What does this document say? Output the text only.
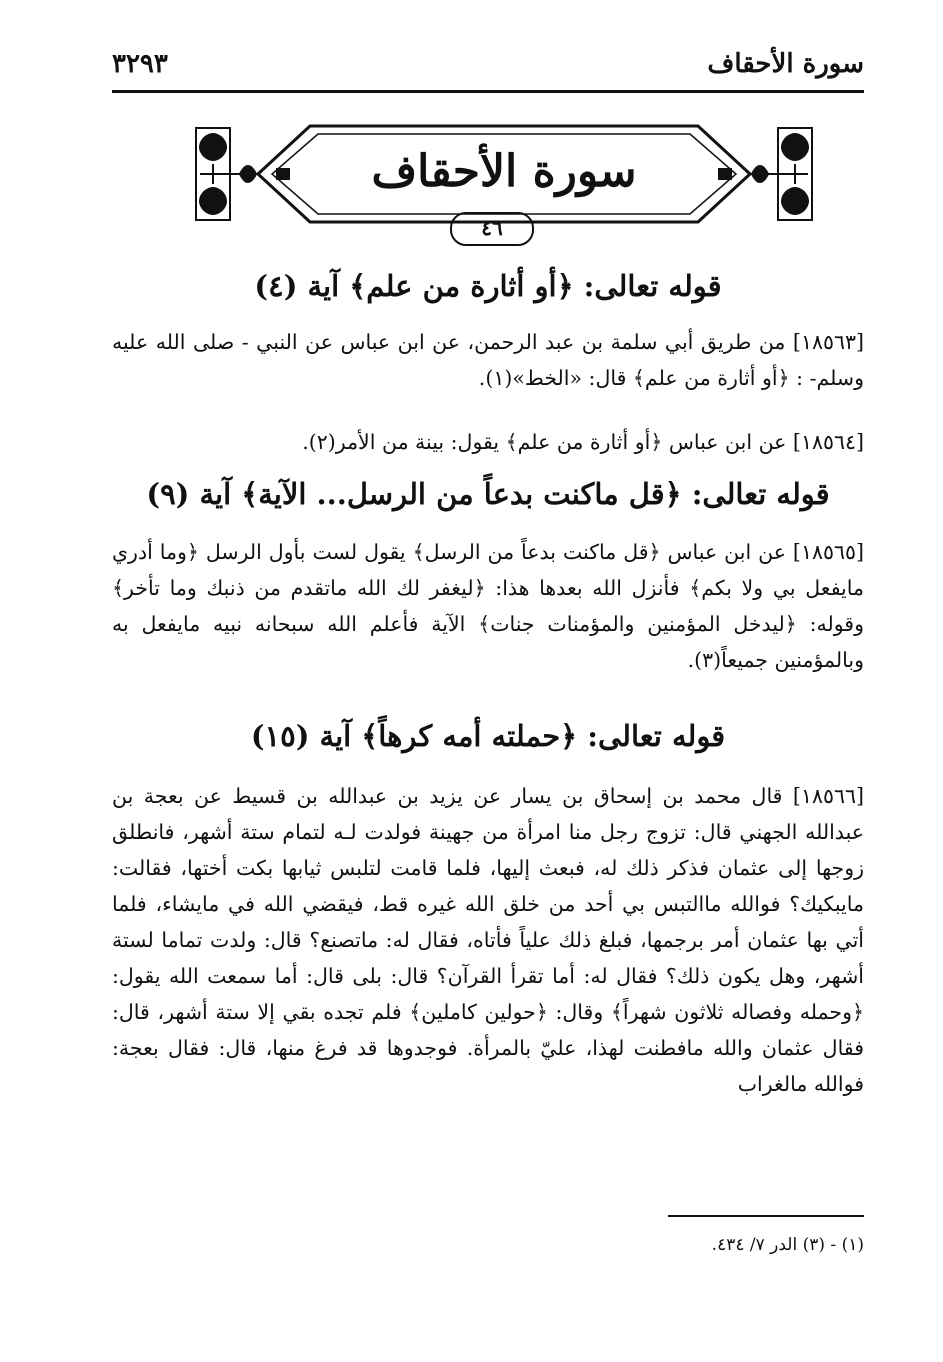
سورة الأحقاف
٣٢٩٣
سورة الأحقاف
٤٦
قوله تعالى: ﴿أو أثارة من علم﴾ آية (٤)

[١٨٥٦٣] من طريق أبي سلمة بن عبد الرحمن، عن ابن عباس عن النبي - صلى الله عليه وسلم- : ﴿أو أثارة من علم﴾ قال: «الخط»(١).

[١٨٥٦٤] عن ابن عباس ﴿أو أثارة من علم﴾ يقول: بينة من الأمر(٢).

قوله تعالى: ﴿قل ماكنت بدعاً من الرسل... الآية﴾ آية (٩)

[١٨٥٦٥] عن ابن عباس ﴿قل ماكنت بدعاً من الرسل﴾ يقول لست بأول الرسل ﴿وما أدري مايفعل بي ولا بكم﴾ فأنزل الله بعدها هذا: ﴿ليغفر لك الله ماتقدم من ذنبك وما تأخر﴾ وقوله: ﴿ليدخل المؤمنين والمؤمنات جنات﴾ الآية فأعلم الله سبحانه نبيه مايفعل به وبالمؤمنين جميعاً(٣).

قوله تعالى: ﴿حملته أمه كرهاً﴾ آية (١٥)

[١٨٥٦٦] قال محمد بن إسحاق بن يسار عن يزيد بن عبدالله بن قسيط عن بعجة بن عبدالله الجهني قال: تزوج رجل منا امرأة من جهينة فولدت لـه لتمام ستة أشهر، فانطلق زوجها إلى عثمان فذكر ذلك له، فبعث إليها، فلما قامت لتلبس ثيابها بكت أختها، فقالت: مايبكيك؟ فوالله ماالتبس بي أحد من خلق الله غيره قط، فيقضي الله في مايشاء، فلما أتي بها عثمان أمر برجمها، فبلغ ذلك علياً فأتاه، فقال له: ماتصنع؟ قال: ولدت تماما لستة أشهر، وهل يكون ذلك؟ فقال له: أما تقرأ القرآن؟ قال: بلى قال: أما سمعت الله يقول: ﴿وحمله وفصاله ثلاثون شهراً﴾ وقال: ﴿حولين كاملين﴾ فلم تجده بقي إلا ستة أشهر، قال: فقال عثمان والله مافطنت لهذا، عليّ بالمرأة. فوجدوها قد فرغ منها، قال: فقال بعجة: فوالله مالغراب

(١) - (٣) الدر ٧/ ٤٣٤.
